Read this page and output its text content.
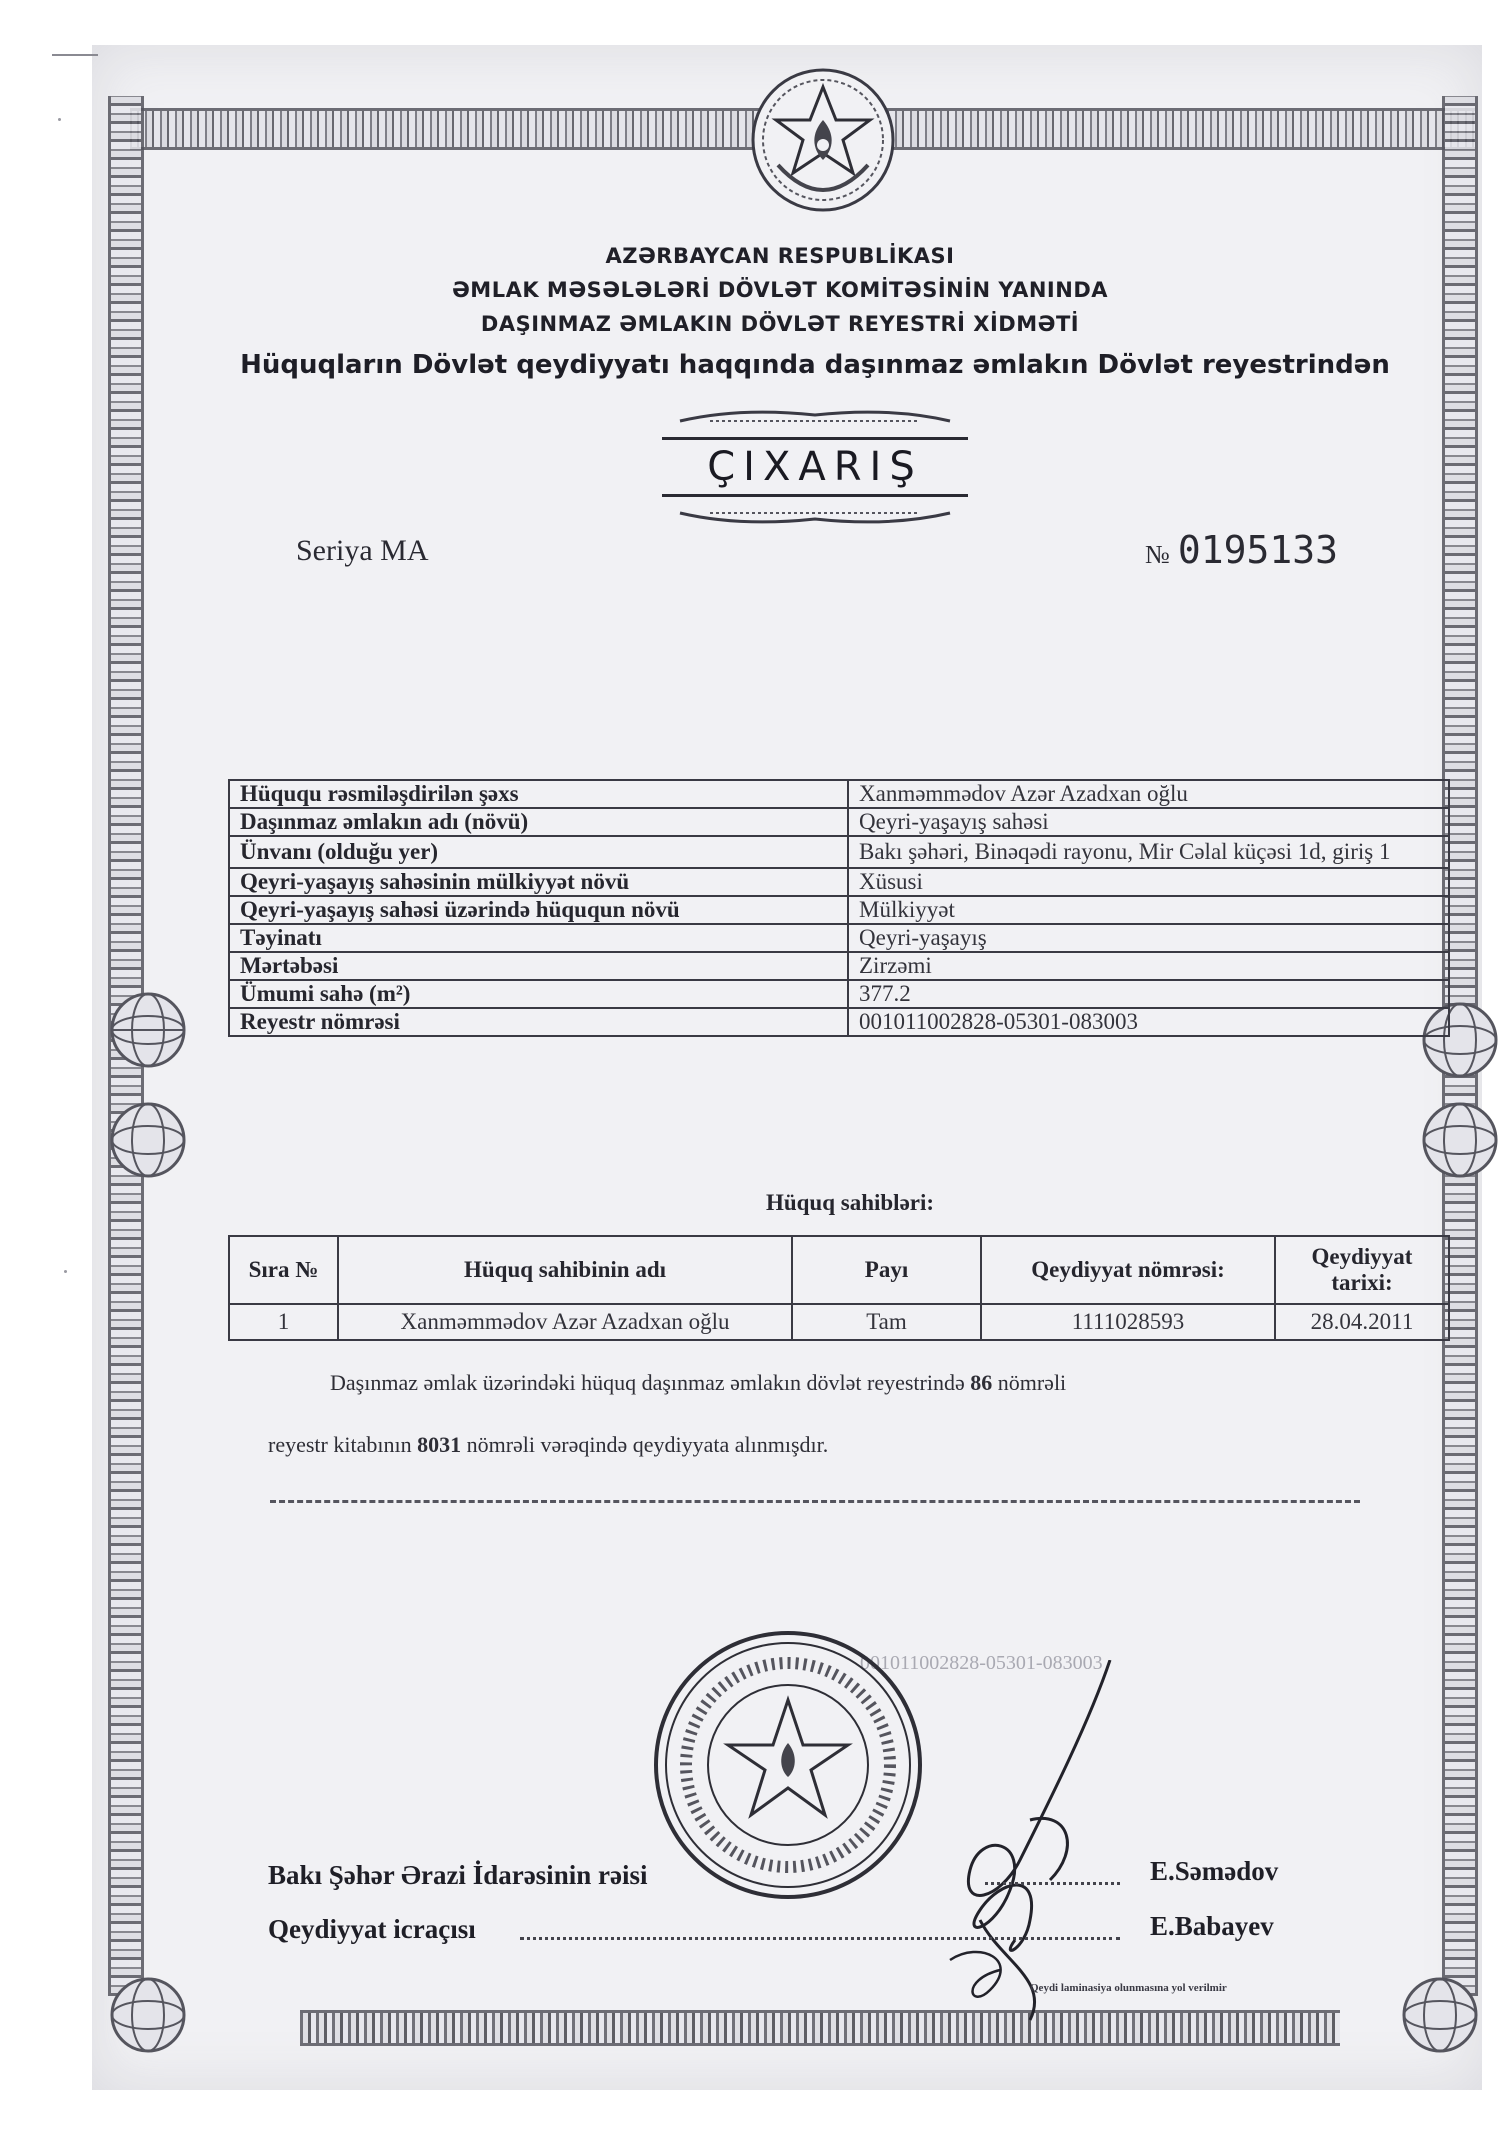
AZƏRBAYCAN RESPUBLİKASI
ƏMLAK MƏSƏLƏLƏRİ DÖVLƏT KOMİTƏSİNİN YANINDA
DAŞINMAZ ƏMLAKIN DÖVLƏT REYESTRİ XİDMƏTİ
Hüquqların Dövlət qeydiyyatı haqqında daşınmaz əmlakın Dövlət reyestrindən
ÇIXARIŞ
Seriya MA	№ 0195133
Hüququ rəsmiləşdirilən şəxs	Xanməmmədov Azər Azadxan oğlu
Daşınmaz əmlakın adı (növü)	Qeyri-yaşayış sahəsi
Ünvanı (olduğu yer)	Bakı şəhəri, Binəqədi rayonu, Mir Cəlal küçəsi 1d, giriş 1
Qeyri-yaşayış sahəsinin mülkiyyət növü	Xüsusi
Qeyri-yaşayış sahəsi üzərində hüququn növü	Mülkiyyət
Təyinatı	Qeyri-yaşayış
Mərtəbəsi	Zirzəmi
Ümumi sahə (m²)	377.2
Reyestr nömrəsi	001011002828-05301-083003
Hüquq sahibləri:
Sıra №	Hüquq sahibinin adı	Payı	Qeydiyyat nömrəsi:	Qeydiyyat tarixi:
1	Xanməmmədov Azər Azadxan oğlu	Tam	1111028593	28.04.2011
Daşınmaz əmlak üzərindəki hüquq daşınmaz əmlakın dövlət reyestrində 86 nömrəli
reyestr kitabının 8031 nömrəli vərəqində qeydiyyata alınmışdır.
001011002828-05301-083003
Bakı Şəhər Ərazi İdarəsinin rəisi	E.Səmədov
Qeydiyyat icraçısı	E.Babayev
Qeydi laminasiya olunmasına yol verilmir
